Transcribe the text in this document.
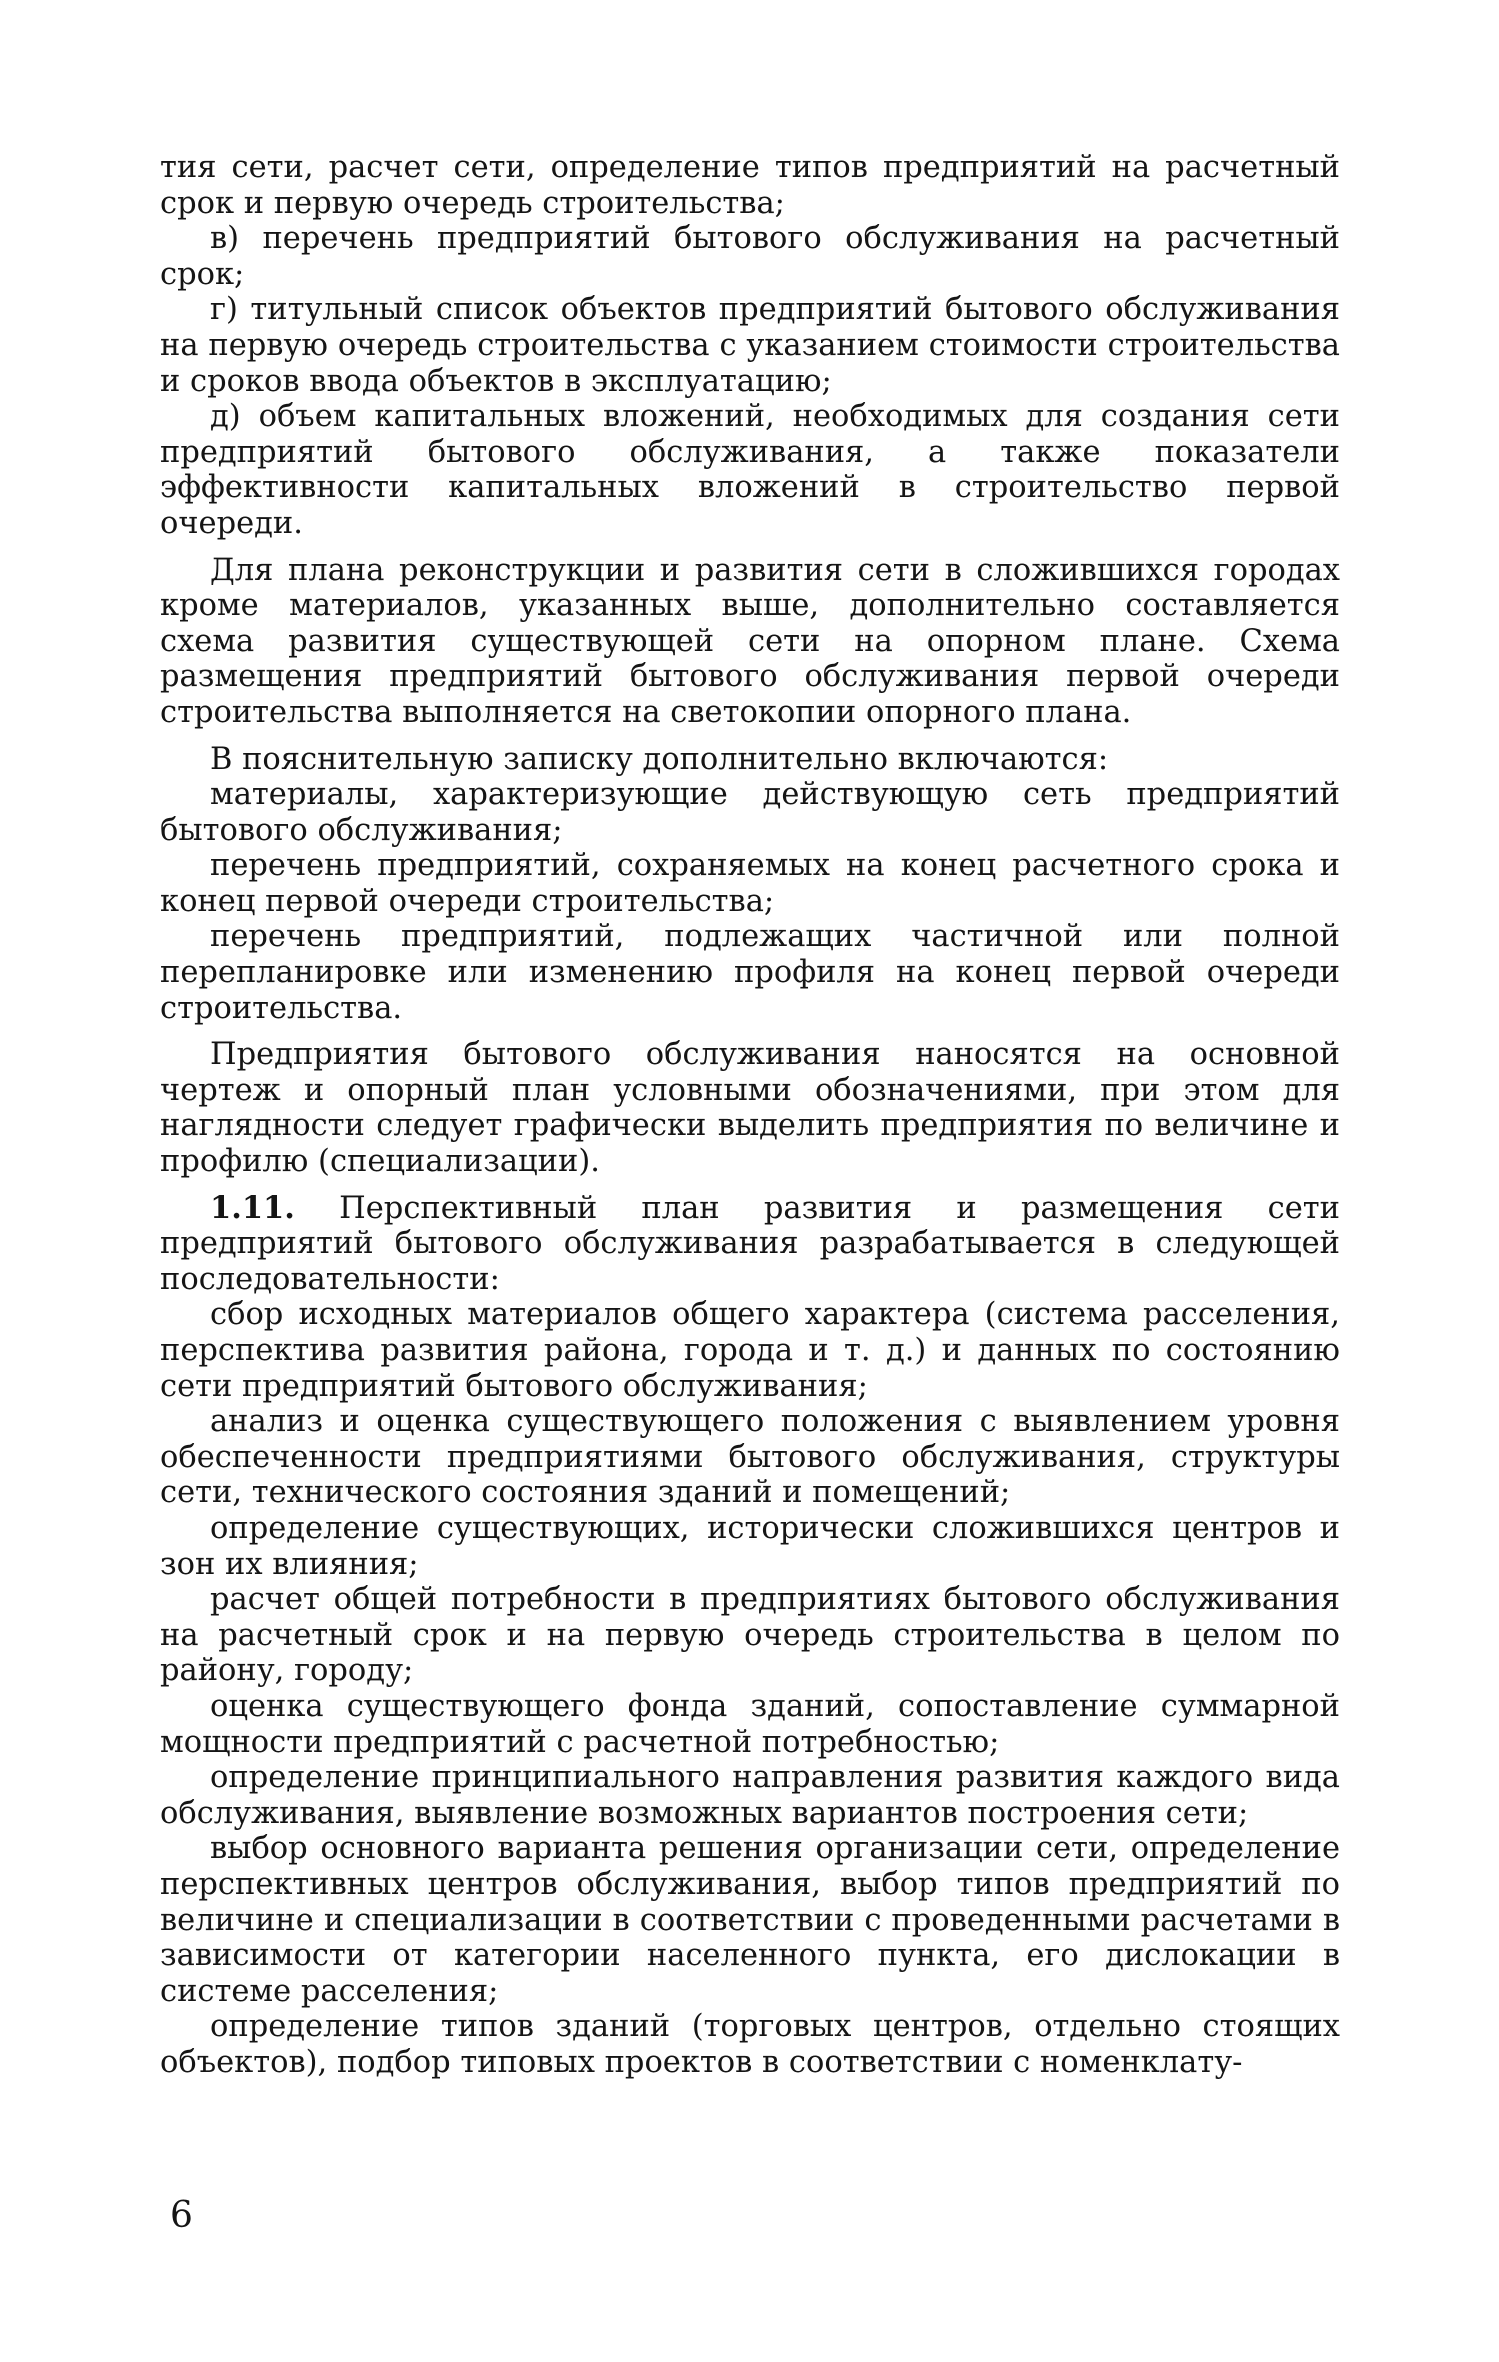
тия сети, расчет сети, определение типов предприятий на расчетный срок и первую очередь строительства;

в) перечень предприятий бытового обслуживания на расчетный срок;

г) титульный список объектов предприятий бытового обслуживания на первую очередь строительства с указанием стоимости строительства и сроков ввода объектов в эксплуатацию;

д) объем капитальных вложений, необходимых для создания сети предприятий бытового обслуживания, а также показатели эффективности капитальных вложений в строительство первой очереди.

Для плана реконструкции и развития сети в сложившихся городах кроме материалов, указанных выше, дополнительно составляется схема развития существующей сети на опорном плане. Схема размещения предприятий бытового обслуживания первой очереди строительства выполняется на светокопии опорного плана.

В пояснительную записку дополнительно включаются:

материалы, характеризующие действующую сеть предприятий бытового обслуживания;

перечень предприятий, сохраняемых на конец расчетного срока и конец первой очереди строительства;

перечень предприятий, подлежащих частичной или полной перепланировке или изменению профиля на конец первой очереди строительства.

Предприятия бытового обслуживания наносятся на основной чертеж и опорный план условными обозначениями, при этом для наглядности следует графически выделить предприятия по величине и профилю (специализации).

1.11. Перспективный план развития и размещения сети предприятий бытового обслуживания разрабатывается в следующей последовательности:

сбор исходных материалов общего характера (система расселения, перспектива развития района, города и т. д.) и данных по состоянию сети предприятий бытового обслуживания;

анализ и оценка существующего положения с выявлением уровня обеспеченности предприятиями бытового обслуживания, структуры сети, технического состояния зданий и помещений;

определение существующих, исторически сложившихся центров и зон их влияния;

расчет общей потребности в предприятиях бытового обслуживания на расчетный срок и на первую очередь строительства в целом по району, городу;

оценка существующего фонда зданий, сопоставление суммарной мощности предприятий с расчетной потребностью;

определение принципиального направления развития каждого вида обслуживания, выявление возможных вариантов построения сети;

выбор основного варианта решения организации сети, определение перспективных центров обслуживания, выбор типов предприятий по величине и специализации в соответствии с проведенными расчетами в зависимости от категории населенного пункта, его дислокации в системе расселения;

определение типов зданий (торговых центров, отдельно стоящих объектов), подбор типовых проектов в соответствии с номенклату-

6
